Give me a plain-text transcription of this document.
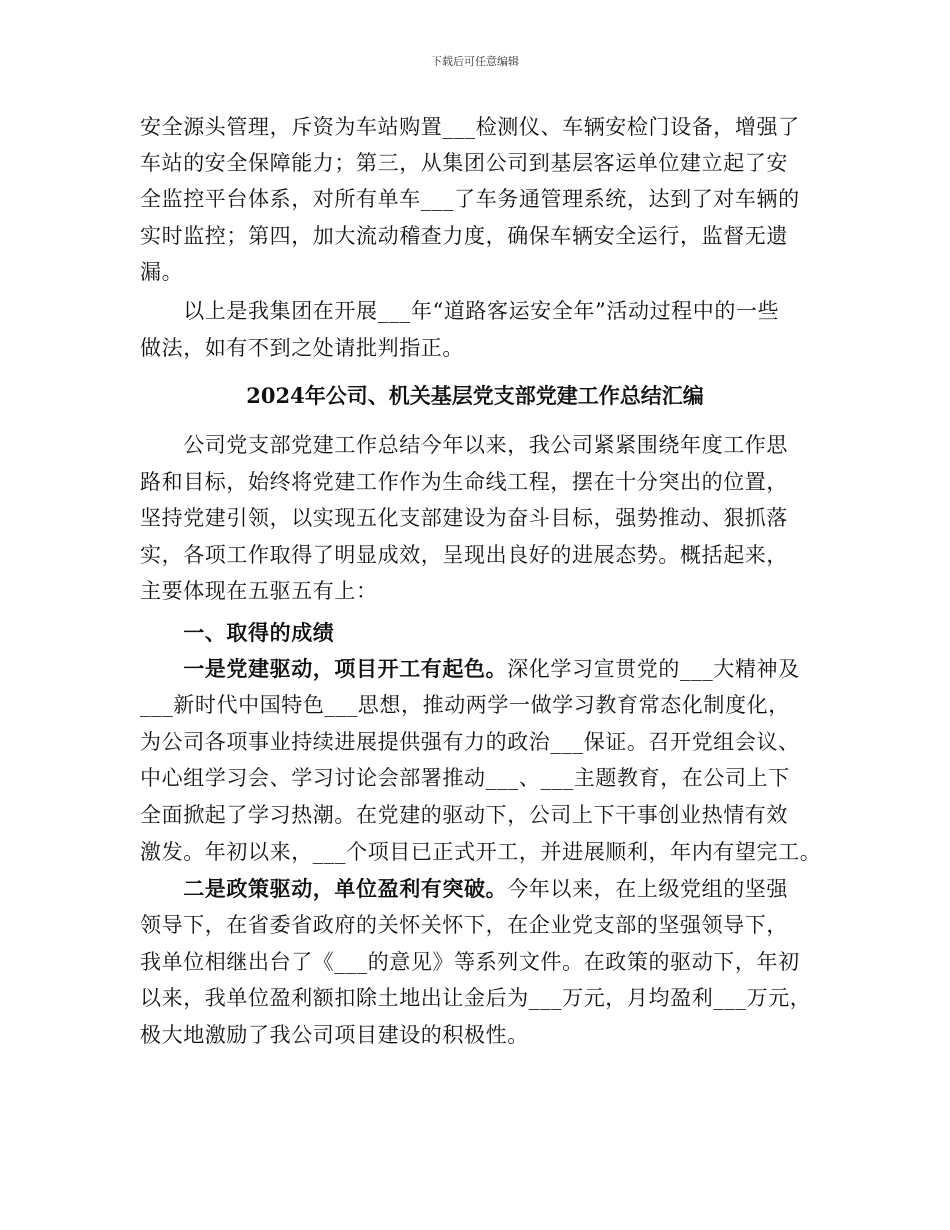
下载后可任意编辑
安全源头管理，斥资为车站购置___检测仪、车辆安检门设备，增强了
车站的安全保障能力；第三，从集团公司到基层客运单位建立起了安
全监控平台体系，对所有单车___了车务通管理系统，达到了对车辆的
实时监控；第四，加大流动稽查力度，确保车辆安全运行，监督无遗
漏。
　　以上是我集团在开展___年“道路客运安全年”活动过程中的一些
做法，如有不到之处请批判指正。
2024年公司、机关基层党支部党建工作总结汇编
　　公司党支部党建工作总结今年以来，我公司紧紧围绕年度工作思
路和目标，始终将党建工作作为生命线工程，摆在十分突出的位置，
坚持党建引领，以实现五化支部建设为奋斗目标，强势推动、狠抓落
实，各项工作取得了明显成效，呈现出良好的进展态势。概括起来，
主要体现在五驱五有上：
　　一、取得的成绩
　　一是党建驱动，项目开工有起色。深化学习宣贯党的___大精神及
___新时代中国特色___思想，推动两学一做学习教育常态化制度化，
为公司各项事业持续进展提供强有力的政治___保证。召开党组会议、
中心组学习会、学习讨论会部署推动___、___主题教育，在公司上下
全面掀起了学习热潮。在党建的驱动下，公司上下干事创业热情有效
激发。年初以来，___个项目已正式开工，并进展顺利，年内有望完工。
　　二是政策驱动，单位盈利有突破。今年以来，在上级党组的坚强
领导下，在省委省政府的关怀关怀下，在企业党支部的坚强领导下，
我单位相继出台了《___的意见》等系列文件。在政策的驱动下，年初
以来，我单位盈利额扣除土地出让金后为___万元，月均盈利___万元，
极大地激励了我公司项目建设的积极性。
